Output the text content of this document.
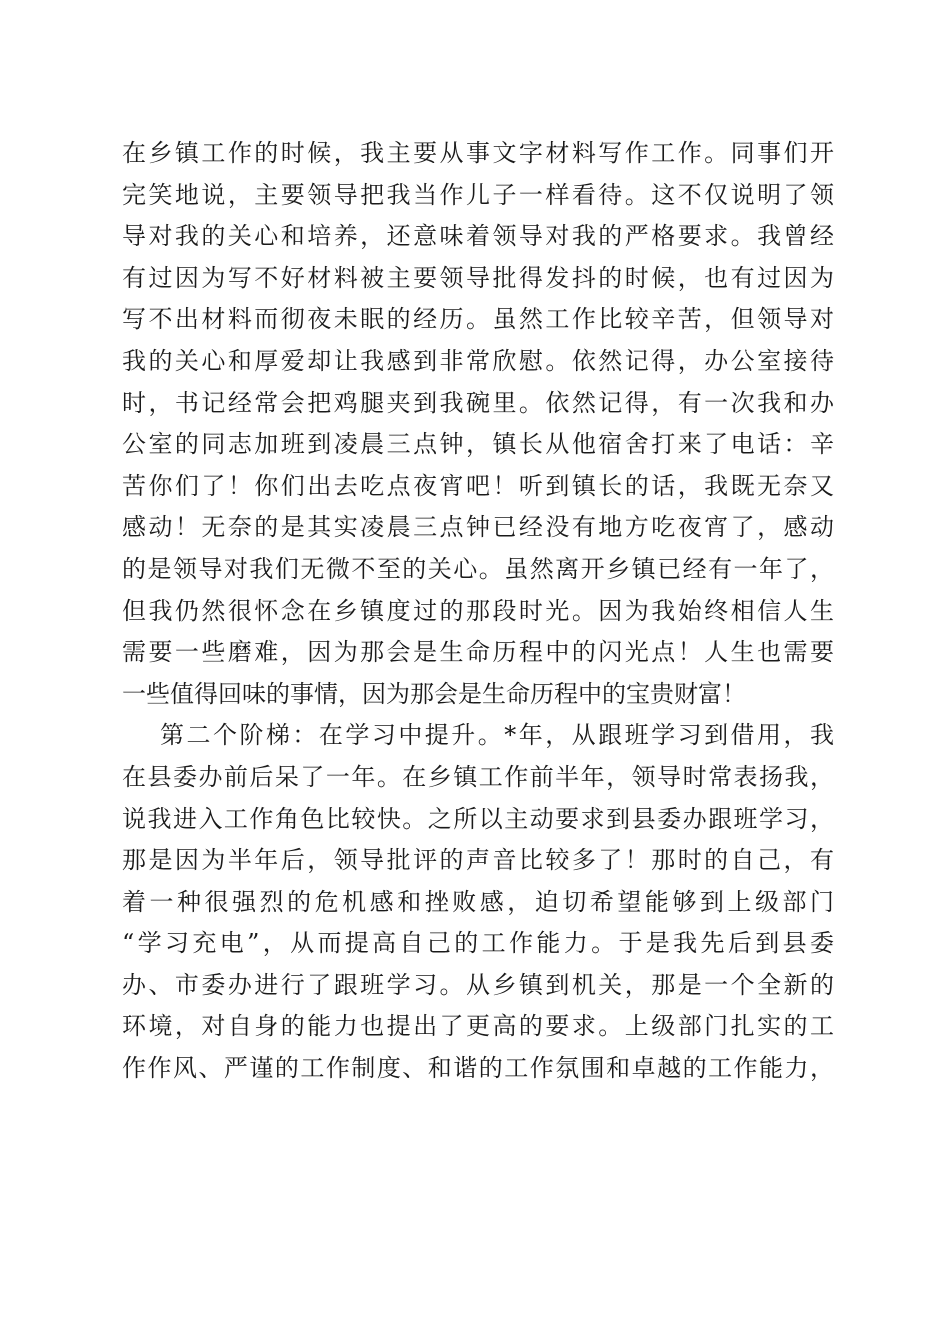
在乡镇工作的时候，我主要从事文字材料写作工作。同事们开
完笑地说，主要领导把我当作儿子一样看待。这不仅说明了领
导对我的关心和培养，还意味着领导对我的严格要求。我曾经
有过因为写不好材料被主要领导批得发抖的时候，也有过因为
写不出材料而彻夜未眠的经历。虽然工作比较辛苦，但领导对
我的关心和厚爱却让我感到非常欣慰。依然记得，办公室接待
时，书记经常会把鸡腿夹到我碗里。依然记得，有一次我和办
公室的同志加班到凌晨三点钟，镇长从他宿舍打来了电话：辛
苦你们了！你们出去吃点夜宵吧！听到镇长的话，我既无奈又
感动！无奈的是其实凌晨三点钟已经没有地方吃夜宵了，感动
的是领导对我们无微不至的关心。虽然离开乡镇已经有一年了，
但我仍然很怀念在乡镇度过的那段时光。因为我始终相信人生
需要一些磨难，因为那会是生命历程中的闪光点！人生也需要
一些值得回味的事情，因为那会是生命历程中的宝贵财富！
第二个阶梯：在学习中提升。*年，从跟班学习到借用，我
在县委办前后呆了一年。在乡镇工作前半年，领导时常表扬我，
说我进入工作角色比较快。之所以主动要求到县委办跟班学习，
那是因为半年后，领导批评的声音比较多了！那时的自己，有
着一种很强烈的危机感和挫败感，迫切希望能够到上级部门
“学习充电”，从而提高自己的工作能力。于是我先后到县委
办、市委办进行了跟班学习。从乡镇到机关，那是一个全新的
环境，对自身的能力也提出了更高的要求。上级部门扎实的工
作作风、严谨的工作制度、和谐的工作氛围和卓越的工作能力，
